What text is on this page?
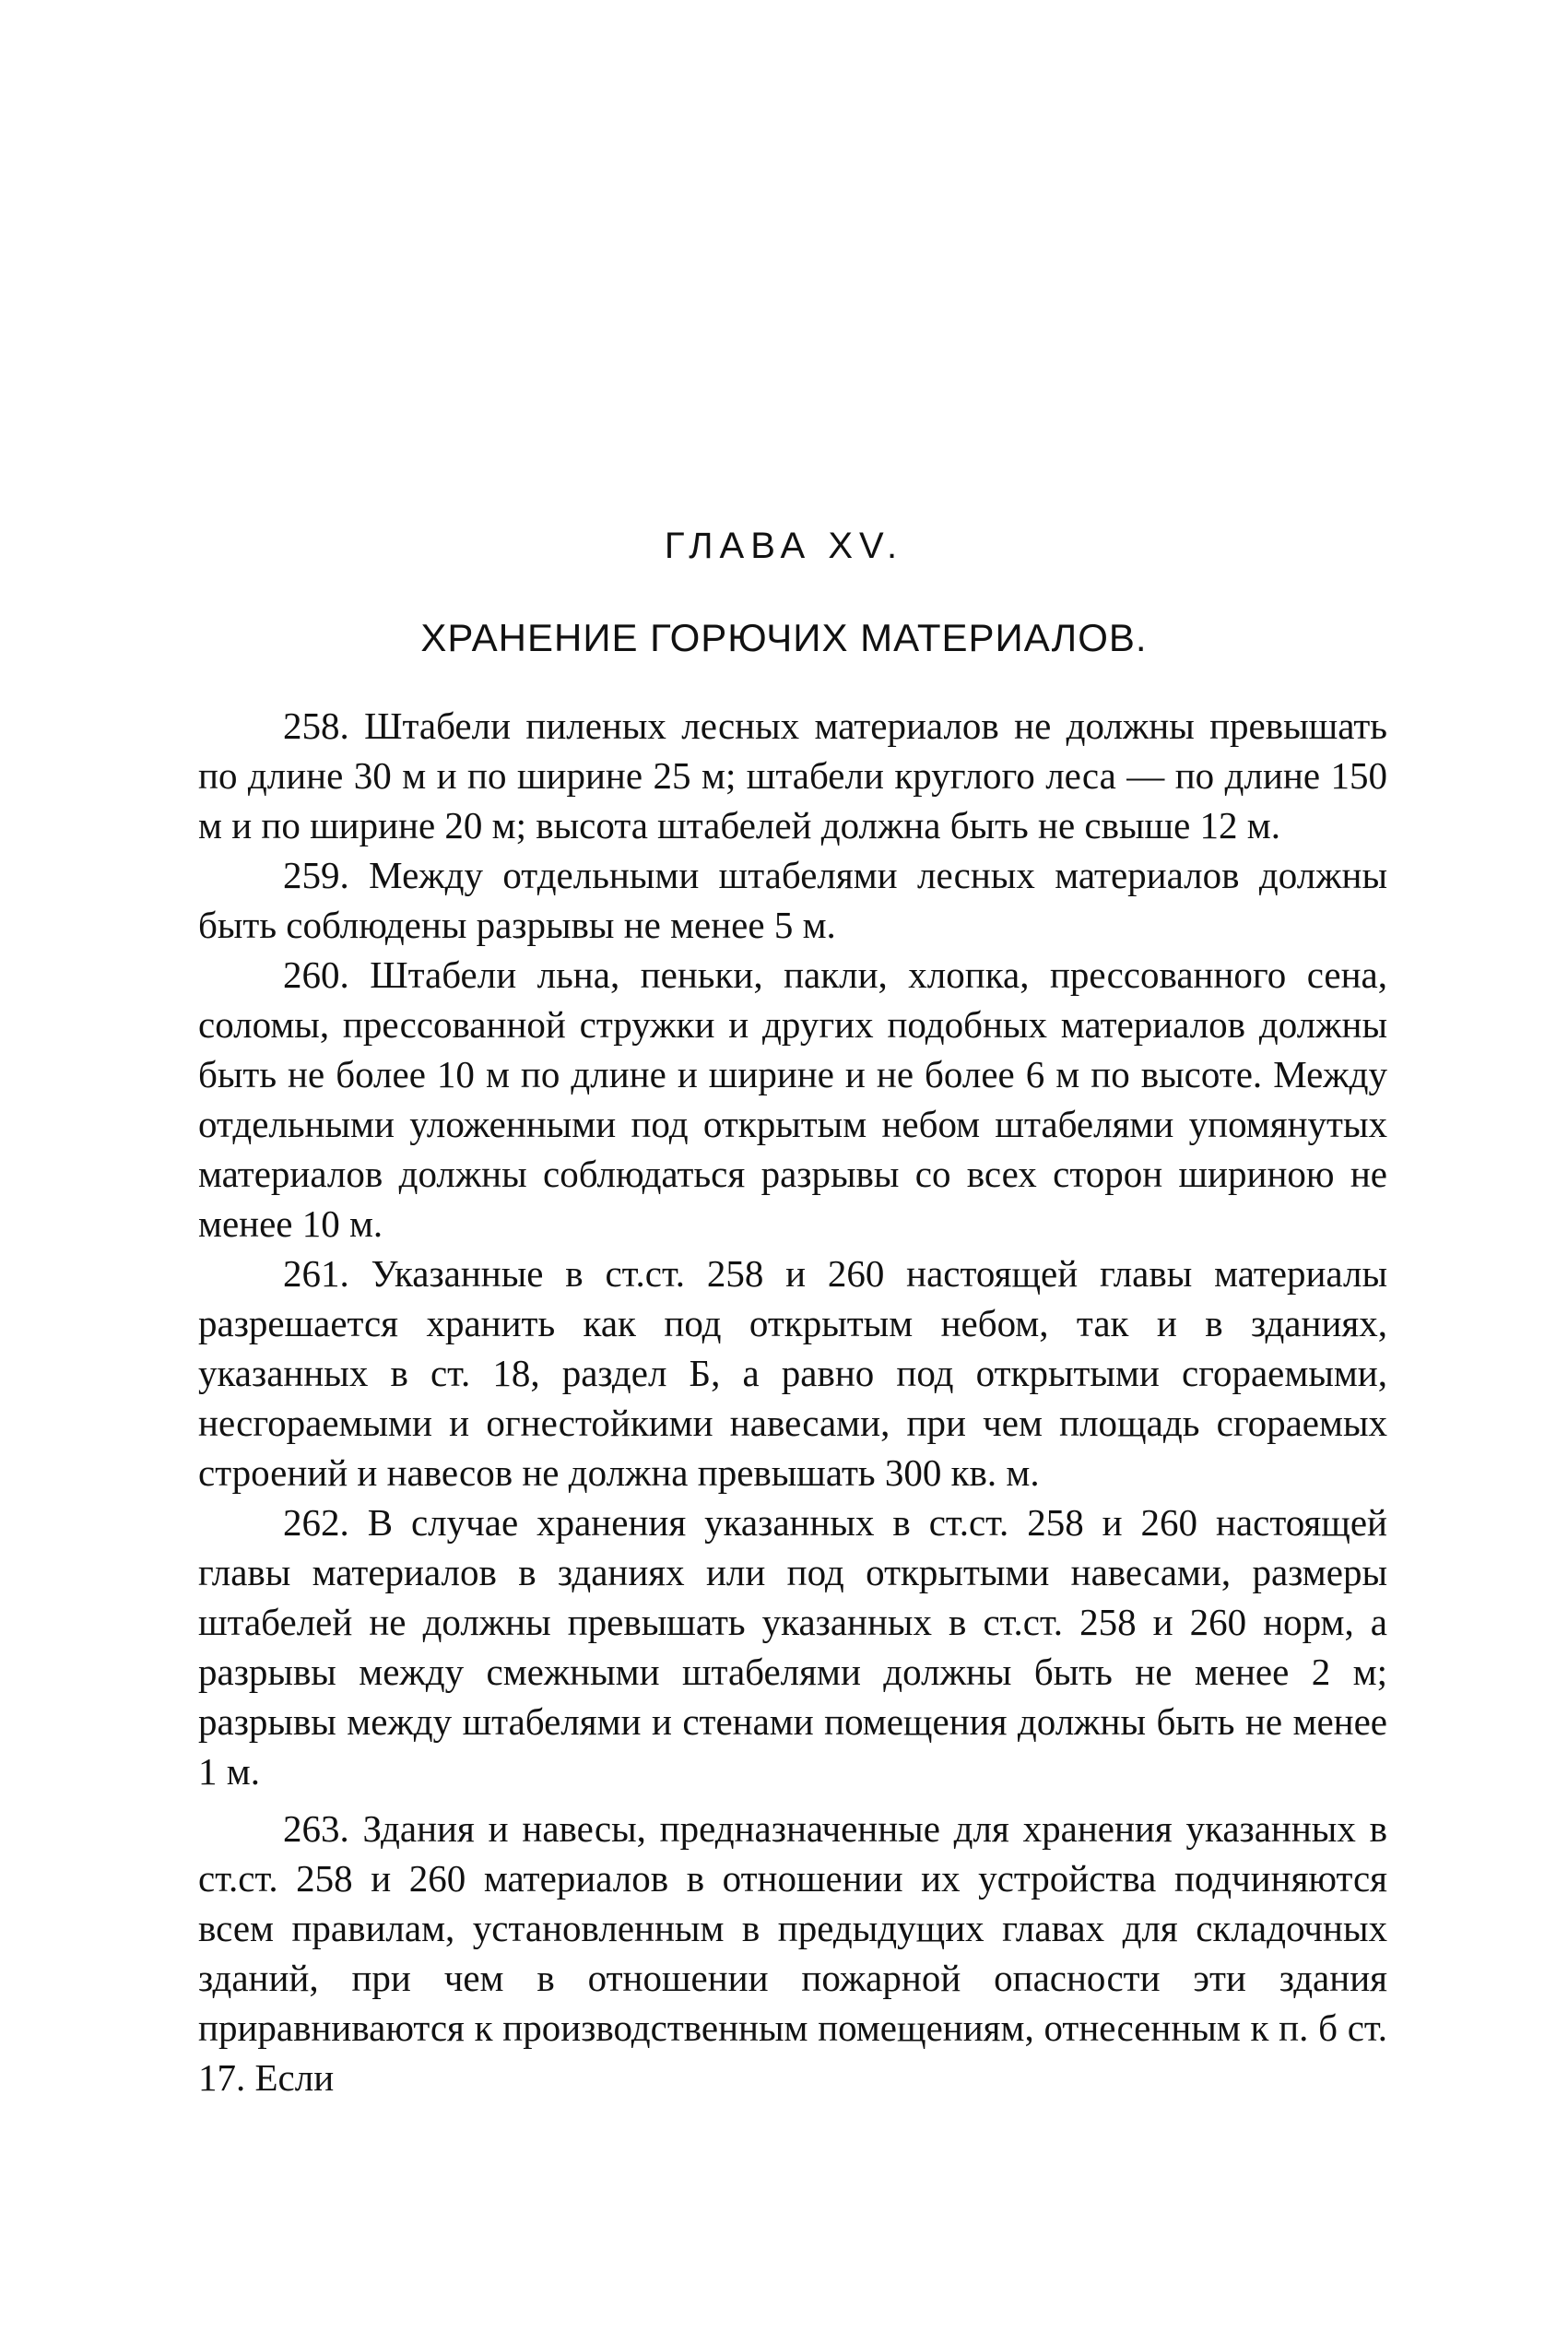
ГЛАВА XV.
ХРАНЕНИЕ ГОРЮЧИХ МАТЕРИАЛОВ.

258. Штабели пиленых лесных материалов не должны превышать по длине 30 м и по ширине 25 м; штабели круглого леса — по длине 150 м и по ширине 20 м; высота штабелей должна быть не свыше 12 м.

259. Между отдельными штабелями лесных материалов должны быть соблюдены разрывы не менее 5 м.

260. Штабели льна, пеньки, пакли, хлопка, прессованного сена, соломы, прессованной стружки и других подобных материалов должны быть не более 10 м по длине и ширине и не более 6 м по высоте. Между отдельными уложенными под открытым небом штабелями упомянутых материалов должны соблюдаться разрывы со всех сторон шириною не менее 10 м.

261. Указанные в ст.ст. 258 и 260 настоящей главы материалы разрешается хранить как под открытым небом, так и в зданиях, указанных в ст. 18, раздел Б, а равно под открытыми сгораемыми, несгораемыми и огнестойкими навесами, при чем площадь сгораемых строений и навесов не должна превышать 300 кв. м.

262. В случае хранения указанных в ст.ст. 258 и 260 настоящей главы материалов в зданиях или под открытыми навесами, размеры штабелей не должны превышать указанных в ст.ст. 258 и 260 норм, а разрывы между смежными штабелями должны быть не менее 2 м; разрывы между штабелями и стенами помещения должны быть не менее 1 м.

263. Здания и навесы, предназначенные для хранения указанных в ст.ст. 258 и 260 материалов в отношении их устройства подчиняются всем правилам, установленным в предыдущих главах для складочных зданий, при чем в отношении пожарной опасности эти здания приравниваются к производственным помещениям, отнесенным к п. б ст. 17. Если
